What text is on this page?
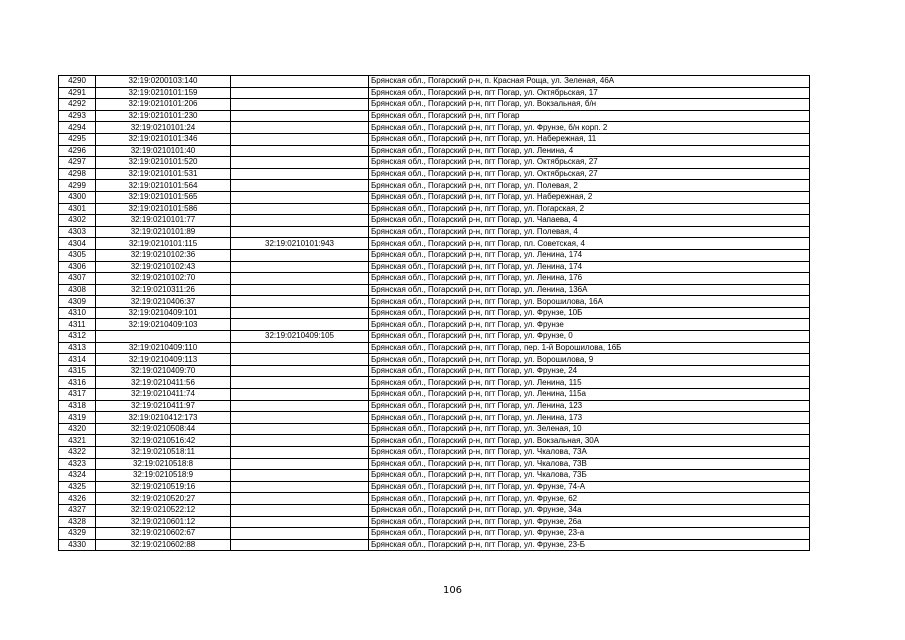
4290	32:19:0200103:140		Брянская обл., Погарский р-н, п. Красная Роща, ул. Зеленая, 46А
4291	32:19:0210101:159		Брянская обл., Погарский р-н, пгт Погар, ул. Октябрьская, 17
4292	32:19:0210101:206		Брянская обл., Погарский р-н, пгт Погар, ул. Вокзальная, б/н
4293	32:19:0210101:230		Брянская обл., Погарский р-н, пгт Погар
4294	32:19:0210101:24		Брянская обл., Погарский р-н, пгт Погар, ул. Фрунзе, б/н корп. 2
4295	32:19:0210101:346		Брянская обл., Погарский р-н, пгт Погар, ул. Набережная, 11
4296	32:19:0210101:40		Брянская обл., Погарский р-н, пгт Погар, ул. Ленина, 4
4297	32:19:0210101:520		Брянская обл., Погарский р-н, пгт Погар, ул. Октябрьская, 27
4298	32:19:0210101:531		Брянская обл., Погарский р-н, пгт Погар, ул. Октябрьская, 27
4299	32:19:0210101:564		Брянская обл., Погарский р-н, пгт Погар, ул. Полевая, 2
4300	32:19:0210101:565		Брянская обл., Погарский р-н, пгт Погар, ул. Набережная, 2
4301	32:19:0210101:586		Брянская обл., Погарский р-н, пгт Погар, ул. Погарская, 2
4302	32:19:0210101:77		Брянская обл., Погарский р-н, пгт Погар, ул. Чапаева, 4
4303	32:19:0210101:89		Брянская обл., Погарский р-н, пгт Погар, ул. Полевая, 4
4304	32:19:0210101:115	32:19:0210101:943	Брянская обл., Погарский р-н, пгт Погар, пл. Советская, 4
4305	32:19:0210102:36		Брянская обл., Погарский р-н, пгт Погар, ул. Ленина, 174
4306	32:19:0210102:43		Брянская обл., Погарский р-н, пгт Погар, ул. Ленина, 174
4307	32:19:0210102:70		Брянская обл., Погарский р-н, пгт Погар, ул. Ленина, 176
4308	32:19:0210311:26		Брянская обл., Погарский р-н, пгт Погар, ул. Ленина, 136А
4309	32:19:0210406:37		Брянская обл., Погарский р-н, пгт Погар, ул. Ворошилова, 16А
4310	32:19:0210409:101		Брянская обл., Погарский р-н, пгт Погар, ул. Фрунзе, 10Б
4311	32:19:0210409:103		Брянская обл., Погарский р-н, пгт Погар, ул. Фрунзе
4312		32:19:0210409:105	Брянская обл., Погарский р-н, пгт Погар, ул. Фрунзе, 0
4313	32:19:0210409:110		Брянская обл., Погарский р-н, пгт Погар, пер. 1-й Ворошилова, 16Б
4314	32:19:0210409:113		Брянская обл., Погарский р-н, пгт Погар, ул. Ворошилова, 9
4315	32:19:0210409:70		Брянская обл., Погарский р-н, пгт Погар, ул. Фрунзе, 24
4316	32:19:0210411:56		Брянская обл., Погарский р-н, пгт Погар, ул. Ленина, 115
4317	32:19:0210411:74		Брянская обл., Погарский р-н, пгт Погар, ул. Ленина, 115а
4318	32:19:0210411:97		Брянская обл., Погарский р-н, пгт Погар, ул. Ленина, 123
4319	32:19:0210412:173		Брянская обл., Погарский р-н, пгт Погар, ул. Ленина, 173
4320	32:19:0210508:44		Брянская обл., Погарский р-н, пгт Погар, ул. Зеленая, 10
4321	32:19:0210516:42		Брянская обл., Погарский р-н, пгт Погар, ул. Вокзальная, 30А
4322	32:19:0210518:11		Брянская обл., Погарский р-н, пгт Погар, ул. Чкалова, 73А
4323	32:19:0210518:8		Брянская обл., Погарский р-н, пгт Погар, ул. Чкалова, 73В
4324	32:19:0210518:9		Брянская обл., Погарский р-н, пгт Погар, ул. Чкалова, 73Б
4325	32:19:0210519:16		Брянская обл., Погарский р-н, пгт Погар, ул. Фрунзе, 74-А
4326	32:19:0210520:27		Брянская обл., Погарский р-н, пгт Погар, ул. Фрунзе, 62
4327	32:19:0210522:12		Брянская обл., Погарский р-н, пгт Погар, ул. Фрунзе, 34а
4328	32:19:0210601:12		Брянская обл., Погарский р-н, пгт Погар, ул. Фрунзе, 26а
4329	32:19:0210602:67		Брянская обл., Погарский р-н, пгт Погар, ул. Фрунзе, 23-а
4330	32:19:0210602:88		Брянская обл., Погарский р-н, пгт Погар, ул. Фрунзе, 23-Б
106
